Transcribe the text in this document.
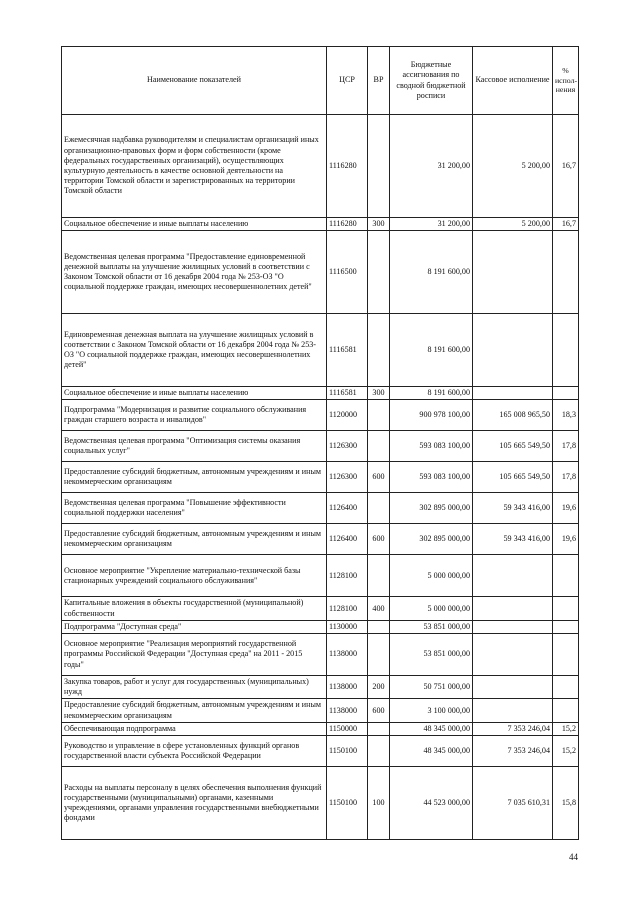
Наименование показателей	ЦСР	ВР	Бюджетные ассигнования по сводной бюджетной росписи	Кассовое исполнение	% испол-нения
Ежемесячная надбавка руководителям и специалистам организаций иных организационно-правовых форм и форм собственности (кроме федеральных государственных организаций), осуществляющих культурную деятельность в качестве основной деятельности на территории Томской области и зарегистрированных на территории Томской области	1116280		31 200,00	5 200,00	16,7
Социальное обеспечение и иные выплаты населению	1116280	300	31 200,00	5 200,00	16,7
Ведомственная целевая программа "Предоставление единовременной денежной выплаты на улучшение жилищных условий в соответствии с Законом Томской области от 16 декабря 2004 года № 253-ОЗ "О социальной поддержке граждан, имеющих несовершеннолетних детей"	1116500		8 191 600,00		
Единовременная денежная выплата на улучшение жилищных условий в соответствии с Законом Томской области от 16 декабря 2004 года № 253-ОЗ "О социальной поддержке граждан, имеющих несовершеннолетних детей"	1116581		8 191 600,00		
Социальное обеспечение и иные выплаты населению	1116581	300	8 191 600,00		
Подпрограмма "Модернизация и развитие социального обслуживания граждан старшего возраста и инвалидов"	1120000		900 978 100,00	165 008 965,50	18,3
Ведомственная целевая программа "Оптимизация системы оказания социальных услуг"	1126300		593 083 100,00	105 665 549,50	17,8
Предоставление субсидий бюджетным, автономным учреждениям и иным некоммерческим организациям	1126300	600	593 083 100,00	105 665 549,50	17,8
Ведомственная целевая программа "Повышение эффективности социальной поддержки населения"	1126400		302 895 000,00	59 343 416,00	19,6
Предоставление субсидий бюджетным, автономным учреждениям и иным некоммерческим организациям	1126400	600	302 895 000,00	59 343 416,00	19,6
Основное мероприятие "Укрепление материально-технической базы стационарных учреждений социального обслуживания"	1128100		5 000 000,00		
Капитальные вложения в объекты государственной (муниципальной) собственности	1128100	400	5 000 000,00		
Подпрограмма "Доступная среда"	1130000		53 851 000,00		
Основное мероприятие "Реализация мероприятий государственной программы Российской Федерации "Доступная среда" на 2011 - 2015 годы"	1138000		53 851 000,00		
Закупка товаров, работ и услуг для государственных (муниципальных) нужд	1138000	200	50 751 000,00		
Предоставление субсидий бюджетным, автономным учреждениям и иным некоммерческим организациям	1138000	600	3 100 000,00		
Обеспечивающая подпрограмма	1150000		48 345 000,00	7 353 246,04	15,2
Руководство и управление в сфере установленных функций органов государственной власти субъекта Российской Федерации	1150100		48 345 000,00	7 353 246,04	15,2
Расходы на выплаты персоналу в целях обеспечения выполнения функций государственными (муниципальными) органами, казенными учреждениями, органами управления государственными внебюджетными фондами	1150100	100	44 523 000,00	7 035 610,31	15,8
44
